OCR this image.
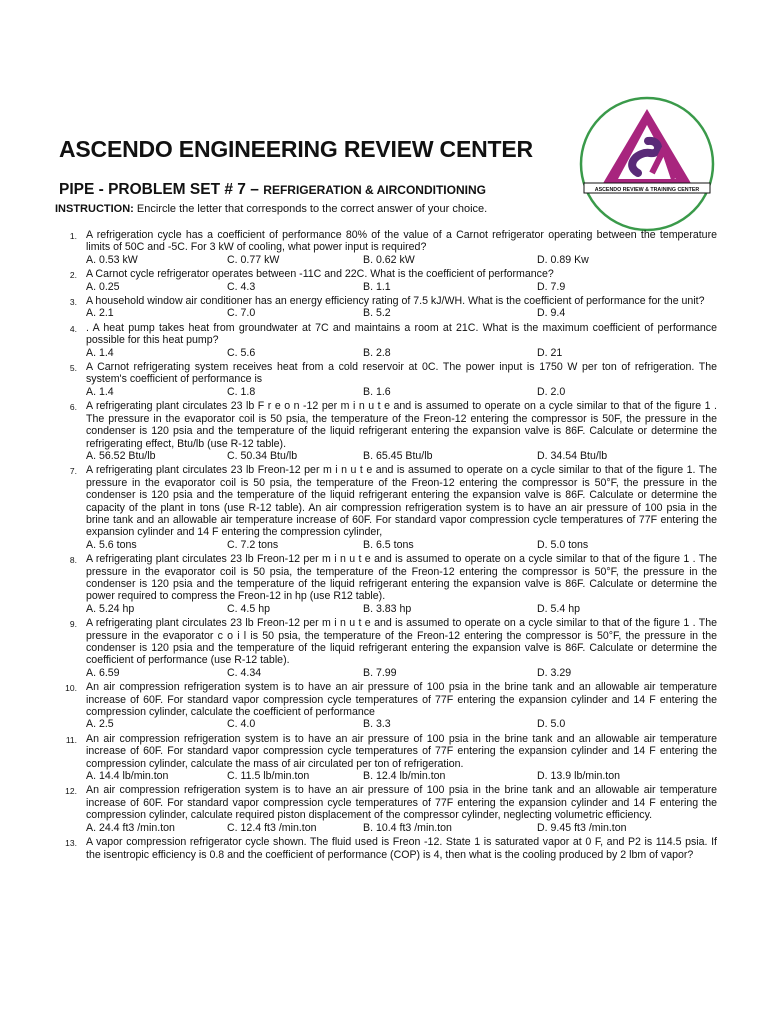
ASCENDO ENGINEERING REVIEW CENTER
ASCENDO REVIEW & TRAINING CENTER
PIPE - PROBLEM SET # 7 – REFRIGERATION & AIRCONDITIONING
INSTRUCTION: Encircle the letter that corresponds to the correct answer of your choice.
1. A refrigeration cycle has a coefficient of performance 80% of the value of a Carnot refrigerator operating between the temperature limits of 50C and -5C. For 3 kW of cooling, what power input is required?
A. 0.53 kW	C. 0.77 kW	B. 0.62 kW	D. 0.89 Kw
2. A Carnot cycle refrigerator operates between -11C and 22C. What is the coefficient of performance?
A. 0.25	C. 4.3	B. 1.1	D. 7.9
3. A household window air conditioner has an energy efficiency rating of 7.5 kJ/WH. What is the coefficient of performance for the unit?
A. 2.1	C. 7.0	B. 5.2	D. 9.4
4. . A heat pump takes heat from groundwater at 7C and maintains a room at 21C. What is the maximum coefficient of performance possible for this heat pump?
A. 1.4	C. 5.6	B. 2.8	D. 21
5. A Carnot refrigerating system receives heat from a cold reservoir at 0C. The power input is 1750 W per ton of refrigeration. The system's coefficient of performance is
A. 1.4	C. 1.8	B. 1.6	D. 2.0
6. A refrigerating plant circulates 23 lb F r e o n -12 per m i n u t e and is assumed to operate on a cycle similar to that of the figure 1 . The pressure in the evaporator coil is 50 psia, the temperature of the Freon-12 entering the compressor is 50F, the pressure in the condenser is 120 psia and the temperature of the liquid refrigerant entering the expansion valve is 86F. Calculate or determine the refrigerating effect, Btu/lb (use R-12 table).
A. 56.52 Btu/lb	C. 50.34 Btu/lb	B. 65.45 Btu/lb	D. 34.54 Btu/lb
7. A refrigerating plant circulates 23 lb Freon-12 per m i n u t e and is assumed to operate on a cycle similar to that of the figure 1. The pressure in the evaporator coil is 50 psia, the temperature of the Freon-12 entering the compressor is 50°F, the pressure in the condenser is 120 psia and the temperature of the liquid refrigerant entering the expansion valve is 86F. Calculate or determine the capacity of the plant in tons (use R-12 table). An air compression refrigeration system is to have an air pressure of 100 psia in the brine tank and an allowable air temperature increase of 60F. For standard vapor compression cycle temperatures of 77F entering the expansion cylinder and 14 F entering the compression cylinder,
A. 5.6 tons	C. 7.2 tons	B. 6.5 tons	D. 5.0 tons
8. A refrigerating plant circulates 23 lb Freon-12 per m i n u t e and is assumed to operate on a cycle similar to that of the figure 1 . The pressure in the evaporator coil is 50 psia, the temperature of the Freon-12 entering the compressor is 50°F, the pressure in the condenser is 120 psia and the temperature of the liquid refrigerant entering the expansion valve is 86F. Calculate or determine the power required to compress the Freon-12 in hp (use R12 table).
A. 5.24 hp	C. 4.5 hp	B. 3.83 hp	D. 5.4 hp
9. A refrigerating plant circulates 23 lb Freon-12 per m i n u t e and is assumed to operate on a cycle similar to that of the figure 1 . The pressure in the evaporator c o i l is 50 psia, the temperature of the Freon-12 entering the compressor is 50°F, the pressure in the condenser is 120 psia and the temperature of the liquid refrigerant entering the expansion valve is 86F. Calculate or determine the coefficient of performance (use R-12 table).
A. 6.59	C. 4.34	B. 7.99	D. 3.29
10. An air compression refrigeration system is to have an air pressure of 100 psia in the brine tank and an allowable air temperature increase of 60F. For standard vapor compression cycle temperatures of 77F entering the expansion cylinder and 14 F entering the compression cylinder, calculate the coefficient of performance
A. 2.5	C. 4.0	B. 3.3	D. 5.0
11. An air compression refrigeration system is to have an air pressure of 100 psia in the brine tank and an allowable air temperature increase of 60F. For standard vapor compression cycle temperatures of 77F entering the expansion cylinder and 14 F entering the compression cylinder, calculate the mass of air circulated per ton of refrigeration.
A. 14.4 lb/min.ton	C. 11.5 lb/min.ton	B. 12.4 lb/min.ton	D. 13.9 lb/min.ton
12. An air compression refrigeration system is to have an air pressure of 100 psia in the brine tank and an allowable air temperature increase of 60F. For standard vapor compression cycle temperatures of 77F entering the expansion cylinder and 14 F entering the compression cylinder, calculate required piston displacement of the compressor cylinder, neglecting volumetric efficiency.
A. 24.4 ft3 /min.ton	C. 12.4 ft3 /min.ton	B. 10.4 ft3 /min.ton	D. 9.45 ft3 /min.ton
13. A vapor compression refrigerator cycle shown. The fluid used is Freon -12. State 1 is saturated vapor at 0 F, and P2 is 114.5 psia. If the isentropic efficiency is 0.8 and the coefficient of performance (COP) is 4, then what is the cooling produced by 2 lbm of vapor?
